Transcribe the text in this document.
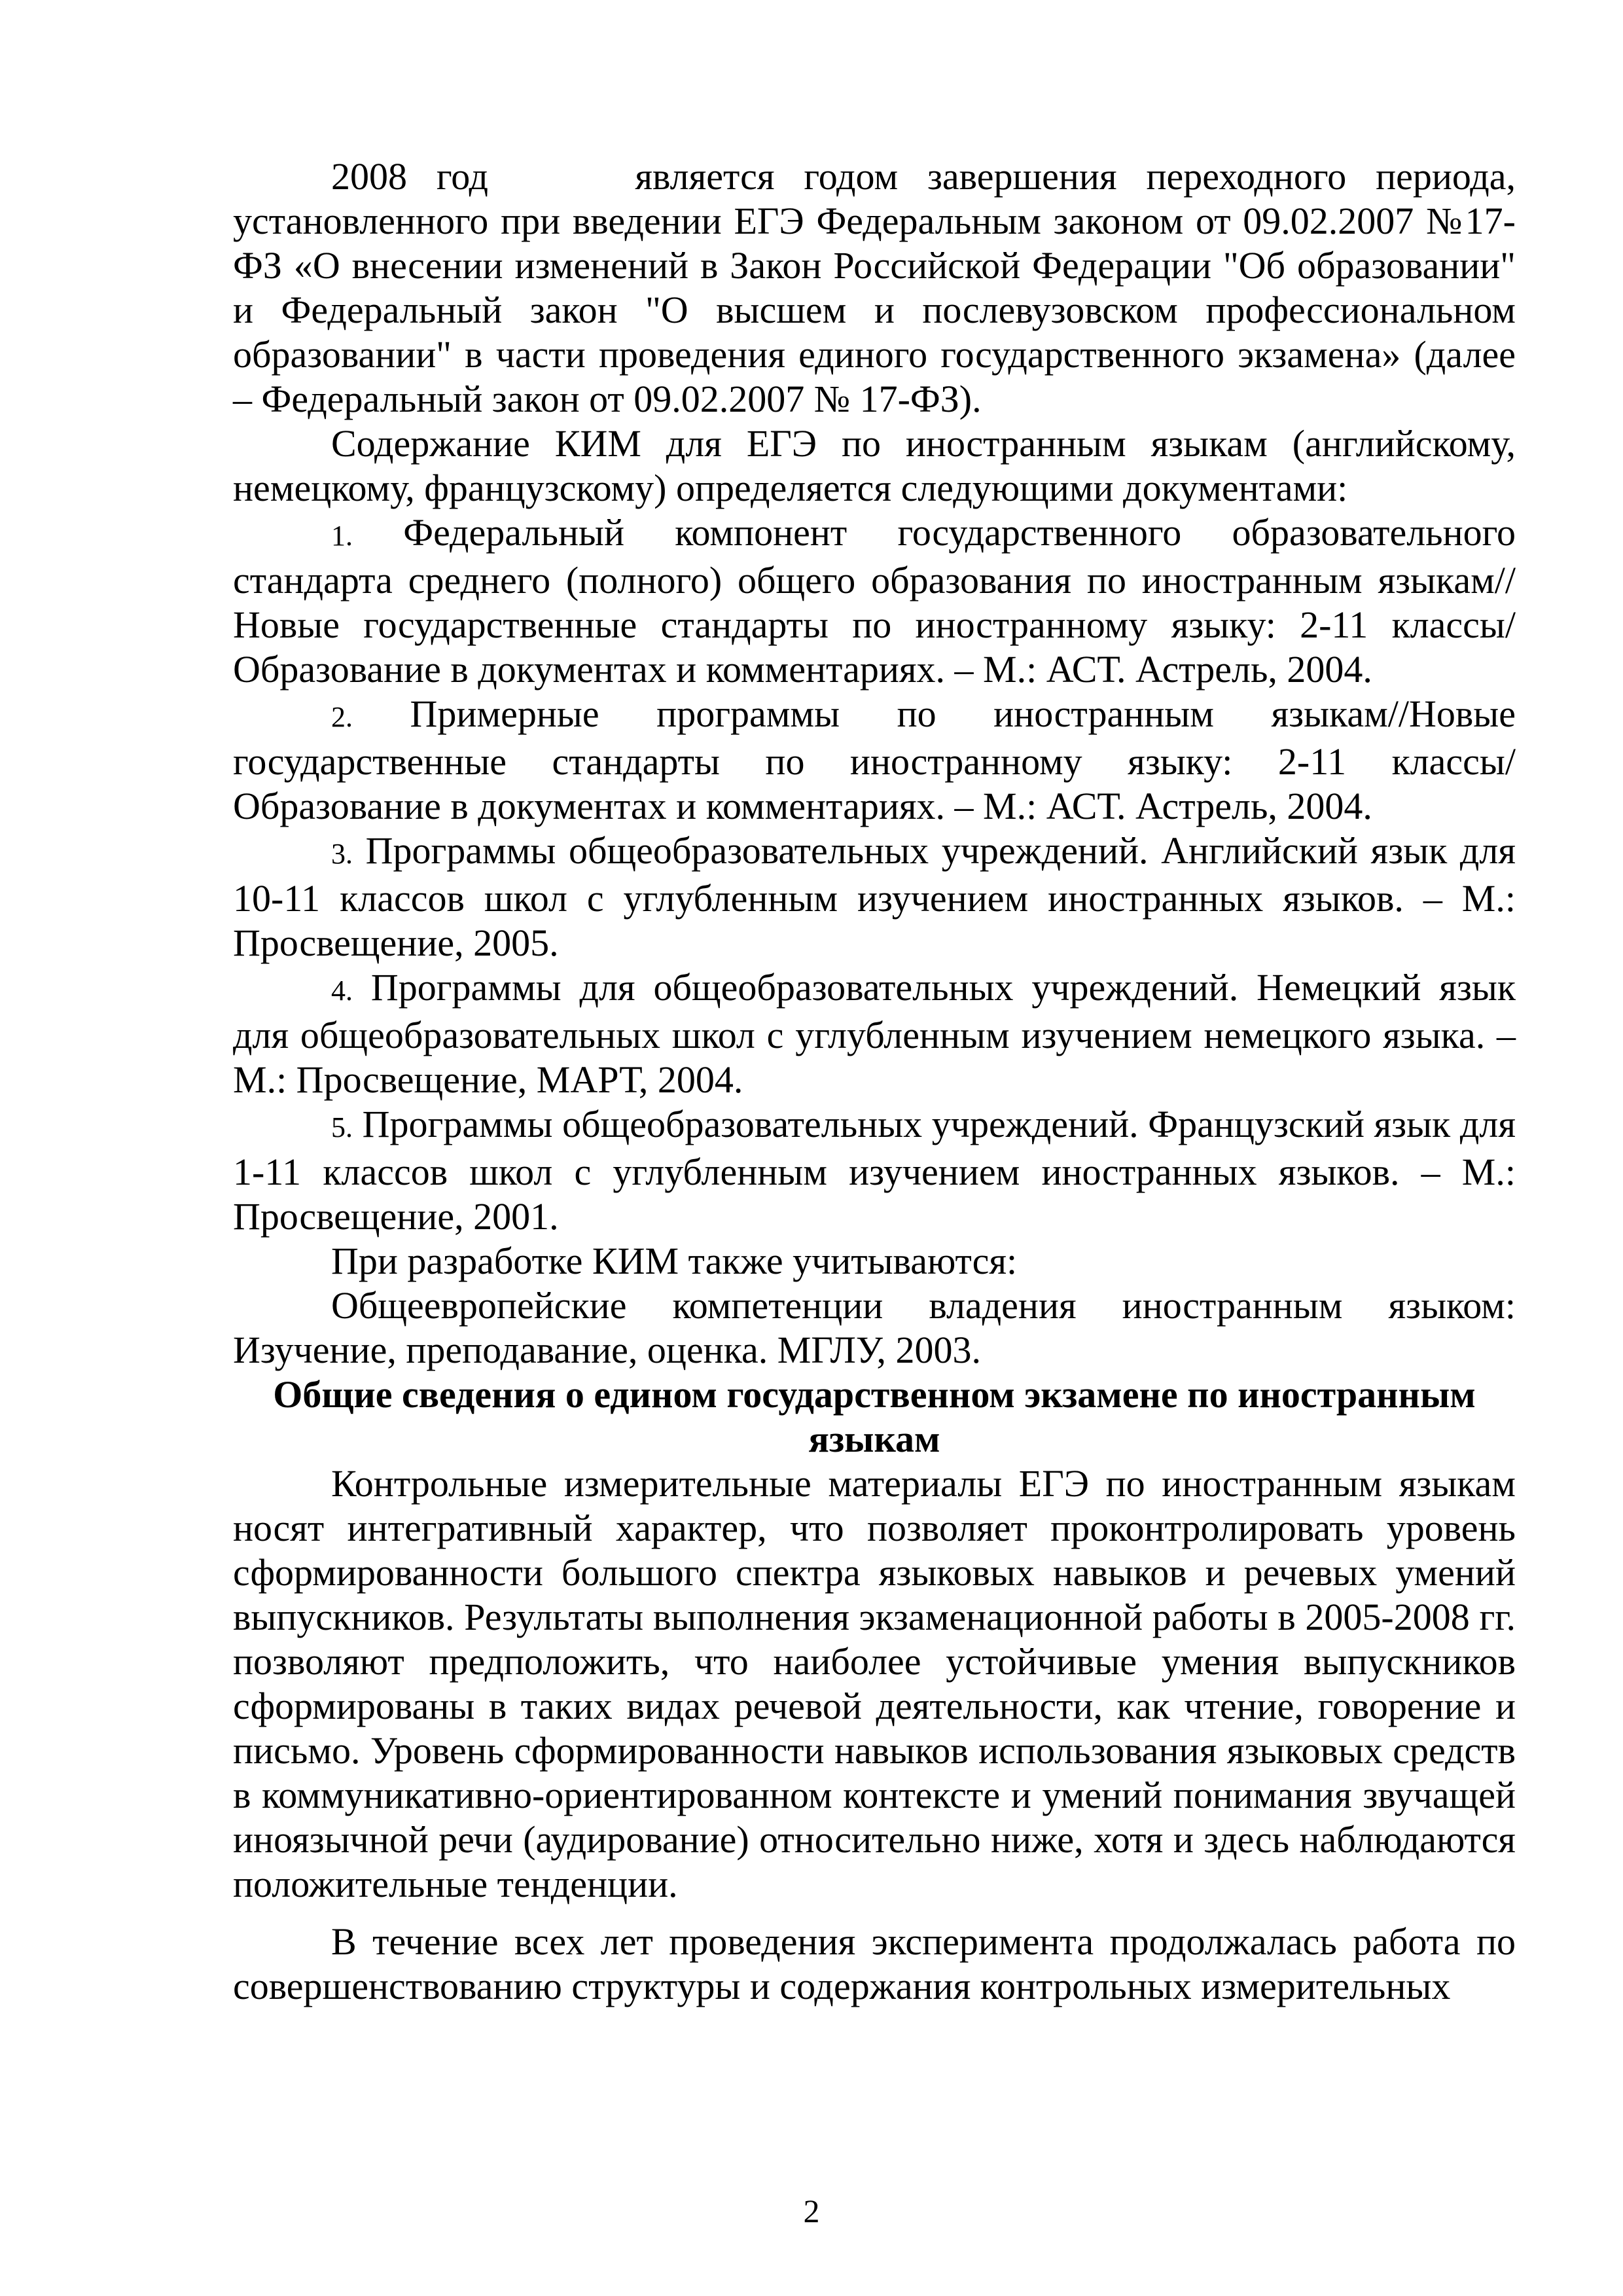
2008 год	является годом завершения переходного периода, установленного при введении ЕГЭ Федеральным законом от 09.02.2007 №17-ФЗ «О внесении изменений в Закон Российской Федерации "Об образовании" и Федеральный закон "О высшем и послевузовском профессиональном образовании" в части проведения единого государственного экзамена» (далее – Федеральный закон от 09.02.2007 № 17-ФЗ).

Содержание КИМ для ЕГЭ по иностранным языкам (английскому, немецкому, французскому) определяется следующими документами:

1. Федеральный компонент государственного образовательного стандарта среднего (полного) общего образования по иностранным языкам//Новые государственные стандарты по иностранному языку: 2-11 классы/ Образование в документах и комментариях. – М.: АСТ. Астрель, 2004.

2. Примерные программы по иностранным языкам//Новые государственные стандарты по иностранному языку: 2-11 классы/ Образование в документах и комментариях. – М.: АСТ. Астрель, 2004.

3. Программы общеобразовательных учреждений. Английский язык для 10-11 классов школ с углубленным изучением иностранных языков. – М.: Просвещение, 2005.

4. Программы для общеобразовательных учреждений. Немецкий язык для общеобразовательных школ с углубленным изучением немецкого языка. – М.: Просвещение, МАРТ, 2004.

5. Программы общеобразовательных учреждений. Французский язык для 1-11 классов школ с углубленным изучением иностранных языков. – М.: Просвещение, 2001.

При разработке КИМ также учитываются:

Общеевропейские компетенции владения иностранным языком: Изучение, преподавание, оценка. МГЛУ, 2003.

Общие сведения о едином государственном экзамене по иностранным языкам

Контрольные измерительные материалы ЕГЭ по иностранным языкам носят интегративный характер, что позволяет проконтролировать уровень сформированности большого спектра языковых навыков и речевых умений выпускников. Результаты выполнения экзаменационной работы в 2005-2008 гг. позволяют предположить, что наиболее устойчивые умения выпускников сформированы в таких видах речевой деятельности, как чтение, говорение и письмо. Уровень сформированности навыков использования языковых средств в коммуникативно-ориентированном контексте и умений понимания звучащей иноязычной речи (аудирование) относительно ниже, хотя и здесь наблюдаются положительные тенденции.

В течение всех лет проведения эксперимента продолжалась работа по совершенствованию структуры и содержания контрольных измерительных

2
